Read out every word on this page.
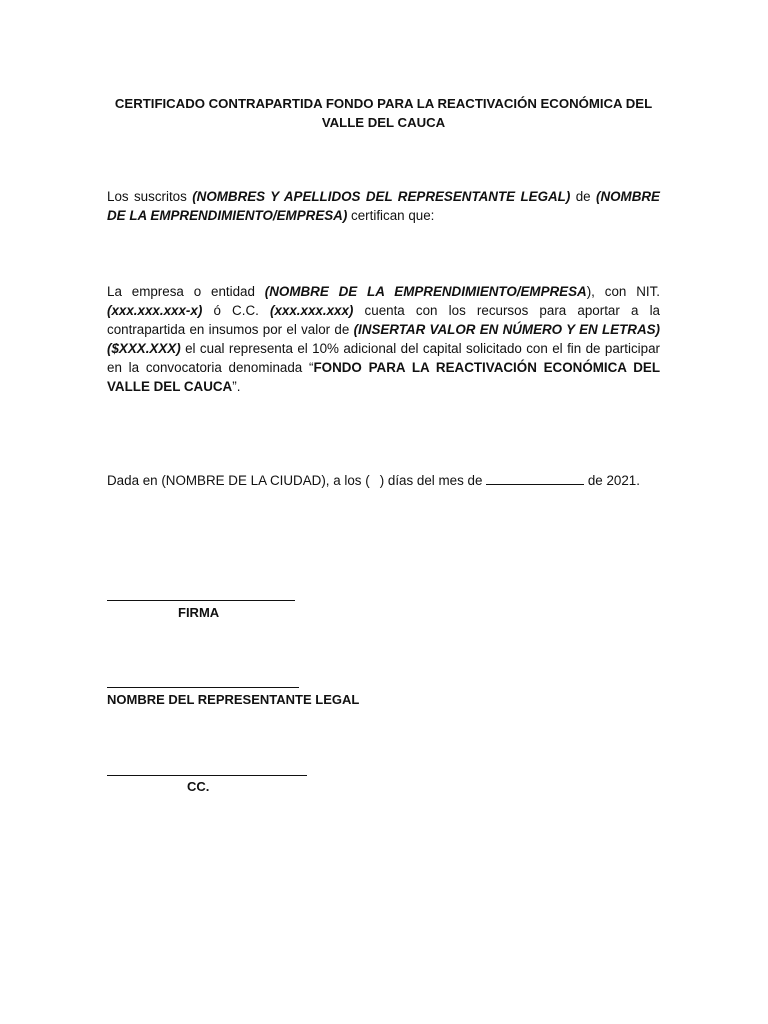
CERTIFICADO CONTRAPARTIDA FONDO PARA LA REACTIVACIÓN ECONÓMICA DEL VALLE DEL CAUCA
Los suscritos (NOMBRES Y APELLIDOS DEL REPRESENTANTE LEGAL) de (NOMBRE DE LA EMPRENDIMIENTO/EMPRESA) certifican que:
La empresa o entidad (NOMBRE DE LA EMPRENDIMIENTO/EMPRESA), con NIT. (xxx.xxx.xxx-x) ó C.C. (xxx.xxx.xxx) cuenta con los recursos para aportar a la contrapartida en insumos por el valor de (INSERTAR VALOR EN NÚMERO Y EN LETRAS) ($XXX.XXX) el cual representa el 10% adicional del capital solicitado con el fin de participar en la convocatoria denominada “FONDO PARA LA REACTIVACIÓN ECONÓMICA DEL VALLE DEL CAUCA”.
Dada en (NOMBRE DE LA CIUDAD), a los ( ) días del mes de	de 2021.
FIRMA
NOMBRE DEL REPRESENTANTE LEGAL
CC.
